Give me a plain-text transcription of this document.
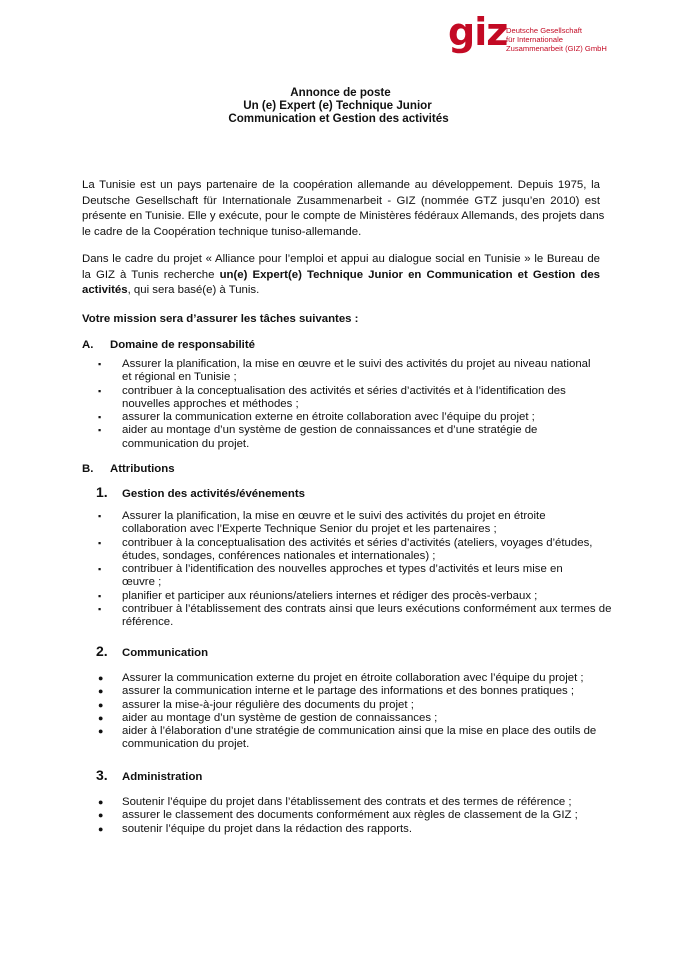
giz
Deutsche Gesellschaft
für Internationale
Zusammenarbeit (GIZ) GmbH
Annonce de poste
Un (e) Expert (e) Technique Junior
Communication et Gestion des activités
La Tunisie est un pays partenaire de la coopération allemande au développement. Depuis 1975, la
Deutsche Gesellschaft für Internationale Zusammenarbeit - GIZ (nommée GTZ jusqu’en 2010) est
présente en Tunisie. Elle y exécute, pour le compte de Ministères fédéraux Allemands, des projets dans
le cadre de la Coopération technique tuniso-allemande.
Dans le cadre du projet « Alliance pour l’emploi et appui au dialogue social en Tunisie » le Bureau de
la GIZ à Tunis recherche un(e) Expert(e) Technique Junior en Communication et Gestion des
activités, qui sera basé(e) à Tunis.
Votre mission sera d’assurer les tâches suivantes :
A. Domaine de responsabilité
▪	Assurer la planification, la mise en œuvre et le suivi des activités du projet au niveau national
et régional en Tunisie ;
▪	contribuer à la conceptualisation des activités et séries d’activités et à l’identification des
nouvelles approches et méthodes ;
▪	assurer la communication externe en étroite collaboration avec l’équipe du projet ;
▪	aider au montage d’un système de gestion de connaissances et d’une stratégie de
communication du projet.
B. Attributions
1. Gestion des activités/événements
▪	Assurer la planification, la mise en œuvre et le suivi des activités du projet en étroite
collaboration avec l’Experte Technique Senior du projet et les partenaires ;
▪	contribuer à la conceptualisation des activités et séries d’activités (ateliers, voyages d’études,
études, sondages, conférences nationales et internationales) ;
▪	contribuer à l’identification des nouvelles approches et types d’activités et leurs mise en
œuvre ;
▪	planifier et participer aux réunions/ateliers internes et rédiger des procès-verbaux ;
▪	contribuer à l’établissement des contrats ainsi que leurs exécutions conformément aux termes de
référence.
2. Communication
●	Assurer la communication externe du projet en étroite collaboration avec l’équipe du projet ;
●	assurer la communication interne et le partage des informations et des bonnes pratiques ;
●	assurer la mise-à-jour régulière des documents du projet ;
●	aider au montage d’un système de gestion de connaissances ;
●	aider à l’élaboration d’une stratégie de communication ainsi que la mise en place des outils de
communication du projet.
3. Administration
●	Soutenir l’équipe du projet dans l’établissement des contrats et des termes de référence ;
●	assurer le classement des documents conformément aux règles de classement de la GIZ ;
●	soutenir l’équipe du projet dans la rédaction des rapports.
